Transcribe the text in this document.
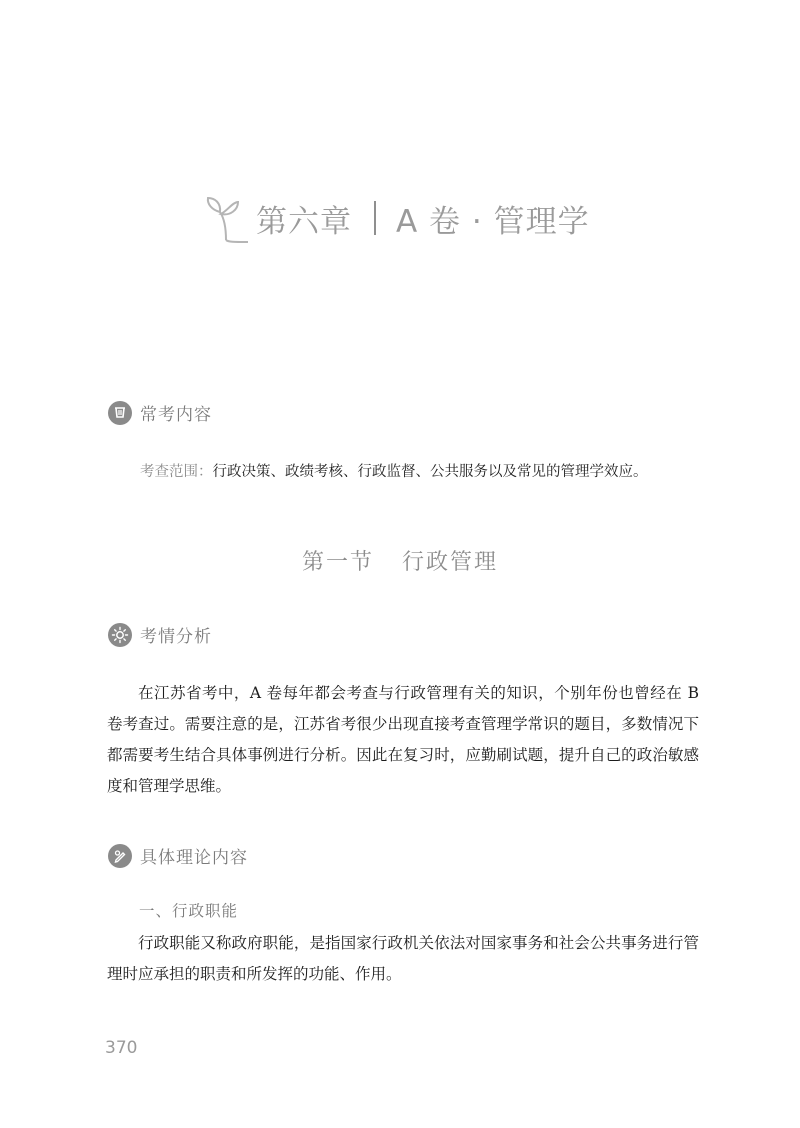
第六章 A 卷 · 管理学
常考内容
考查范围：行政决策、政绩考核、行政监督、公共服务以及常见的管理学效应。
第一节 行政管理
考情分析
在江苏省考中，A 卷每年都会考查与行政管理有关的知识，个别年份也曾经在 B 卷考查过。需要注意的是，江苏省考很少出现直接考查管理学常识的题目，多数情况下都需要考生结合具体事例进行分析。因此在复习时，应勤刷试题，提升自己的政治敏感度和管理学思维。
具体理论内容
一、行政职能
行政职能又称政府职能，是指国家行政机关依法对国家事务和社会公共事务进行管理时应承担的职责和所发挥的功能、作用。
370
